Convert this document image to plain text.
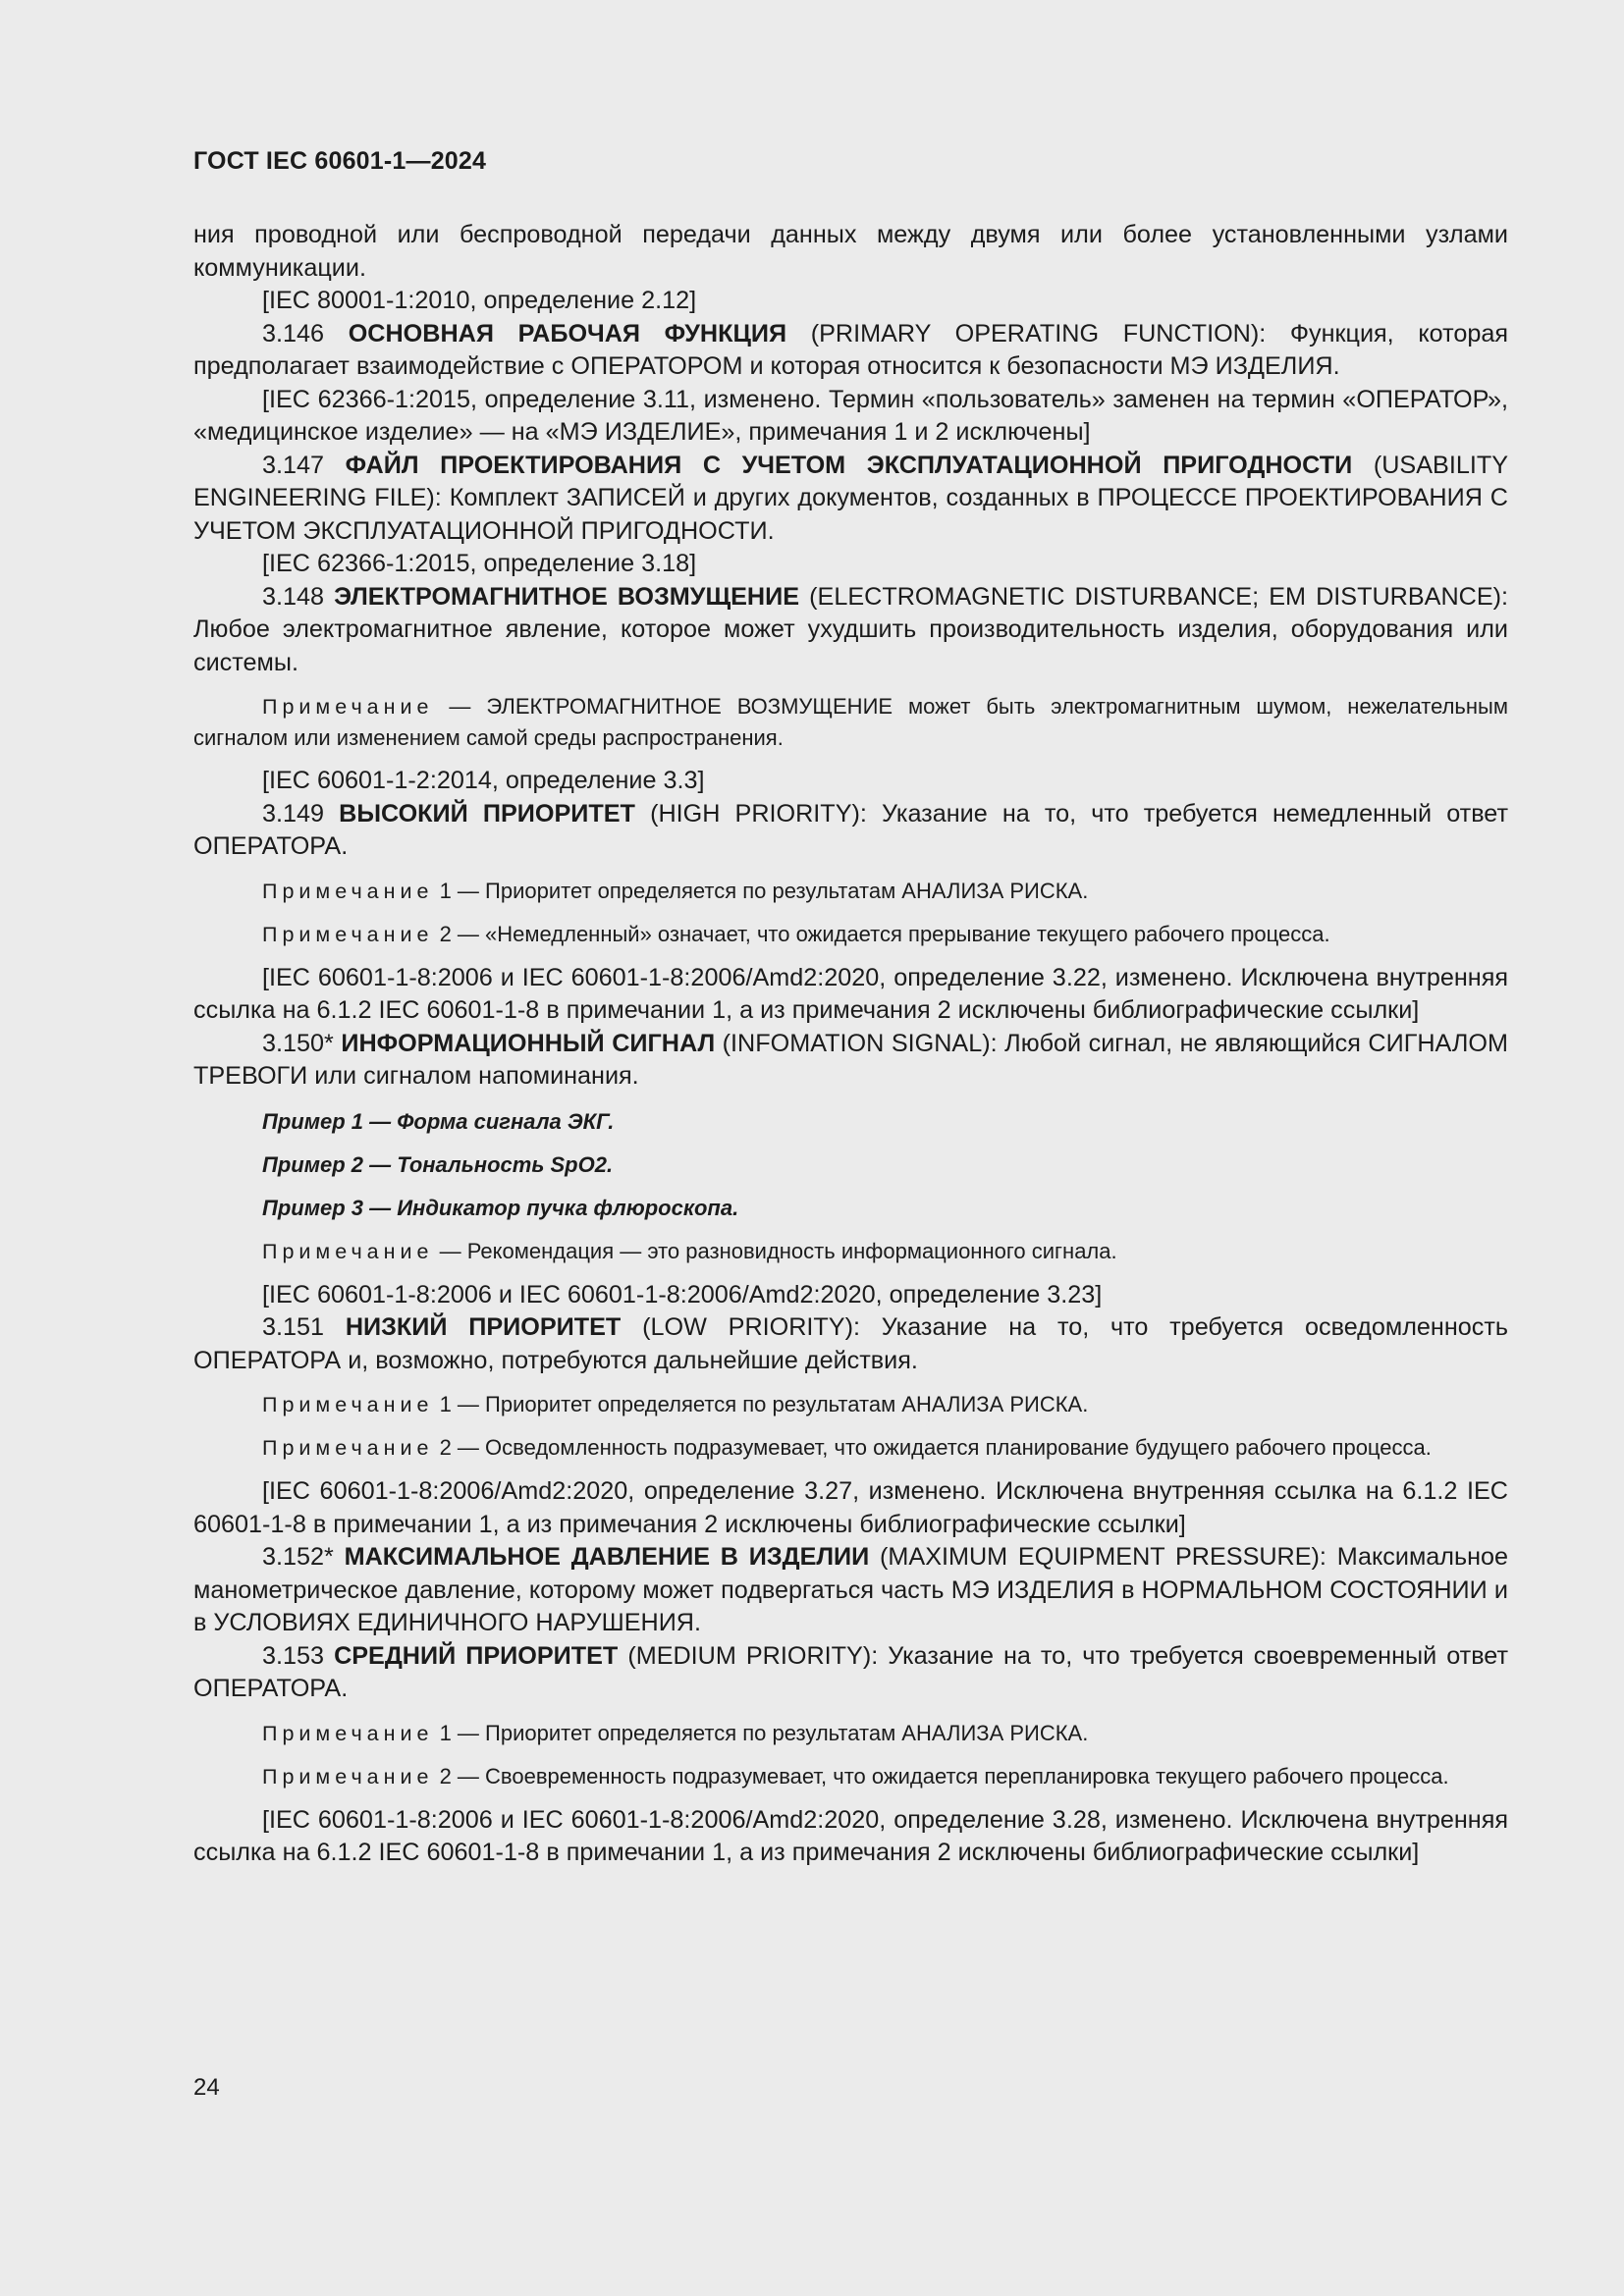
ГОСТ IEC 60601-1—2024

ния проводной или беспроводной передачи данных между двумя или более установленными узлами коммуникации.

[IEC 80001-1:2010, определение 2.12]

3.146 ОСНОВНАЯ РАБОЧАЯ ФУНКЦИЯ (PRIMARY OPERATING FUNCTION): Функция, которая предполагает взаимодействие с ОПЕРАТОРОМ и которая относится к безопасности МЭ ИЗДЕЛИЯ.

[IEC 62366-1:2015, определение 3.11, изменено. Термин «пользователь» заменен на термин «ОПЕРАТОР», «медицинское изделие» — на «МЭ ИЗДЕЛИЕ», примечания 1 и 2 исключены]

3.147 ФАЙЛ ПРОЕКТИРОВАНИЯ С УЧЕТОМ ЭКСПЛУАТАЦИОННОЙ ПРИГОДНОСТИ (USABILITY ENGINEERING FILE): Комплект ЗАПИСЕЙ и других документов, созданных в ПРОЦЕССЕ ПРОЕКТИРОВАНИЯ С УЧЕТОМ ЭКСПЛУАТАЦИОННОЙ ПРИГОДНОСТИ.

[IEC 62366-1:2015, определение 3.18]

3.148 ЭЛЕКТРОМАГНИТНОЕ ВОЗМУЩЕНИЕ (ELECTROMAGNETIC DISTURBANCE; EM DISTURBANCE): Любое электромагнитное явление, которое может ухудшить производительность изделия, оборудования или системы.

Примечание — ЭЛЕКТРОМАГНИТНОЕ ВОЗМУЩЕНИЕ может быть электромагнитным шумом, нежелательным сигналом или изменением самой среды распространения.

[IEC 60601-1-2:2014, определение 3.3]

3.149 ВЫСОКИЙ ПРИОРИТЕТ (HIGH PRIORITY): Указание на то, что требуется немедленный ответ ОПЕРАТОРА.

Примечание 1 — Приоритет определяется по результатам АНАЛИЗА РИСКА.

Примечание 2 — «Немедленный» означает, что ожидается прерывание текущего рабочего процесса.

[IEC 60601-1-8:2006 и IEC 60601-1-8:2006/Amd2:2020, определение 3.22, изменено. Исключена внутренняя ссылка на 6.1.2 IEC 60601-1-8 в примечании 1, а из примечания 2 исключены библиографические ссылки]

3.150* ИНФОРМАЦИОННЫЙ СИГНАЛ (INFOMATION SIGNAL): Любой сигнал, не являющийся СИГНАЛОМ ТРЕВОГИ или сигналом напоминания.

Пример 1 — Форма сигнала ЭКГ.

Пример 2 — Тональность SpO2.

Пример 3 — Индикатор пучка флюроскопа.

Примечание — Рекомендация — это разновидность информационного сигнала.

[IEC 60601-1-8:2006 и IEC 60601-1-8:2006/Amd2:2020, определение 3.23]

3.151 НИЗКИЙ ПРИОРИТЕТ (LOW PRIORITY): Указание на то, что требуется осведомленность ОПЕРАТОРА и, возможно, потребуются дальнейшие действия.

Примечание 1 — Приоритет определяется по результатам АНАЛИЗА РИСКА.

Примечание 2 — Осведомленность подразумевает, что ожидается планирование будущего рабочего процесса.

[IEC 60601-1-8:2006/Amd2:2020, определение 3.27, изменено. Исключена внутренняя ссылка на 6.1.2 IEC 60601-1-8 в примечании 1, а из примечания 2 исключены библиографические ссылки]

3.152* МАКСИМАЛЬНОЕ ДАВЛЕНИЕ В ИЗДЕЛИИ (MAXIMUM EQUIPMENT PRESSURE): Максимальное манометрическое давление, которому может подвергаться часть МЭ ИЗДЕЛИЯ в НОРМАЛЬНОМ СОСТОЯНИИ и в УСЛОВИЯХ ЕДИНИЧНОГО НАРУШЕНИЯ.

3.153 СРЕДНИЙ ПРИОРИТЕТ (MEDIUM PRIORITY): Указание на то, что требуется своевременный ответ ОПЕРАТОРА.

Примечание 1 — Приоритет определяется по результатам АНАЛИЗА РИСКА.

Примечание 2 — Своевременность подразумевает, что ожидается перепланировка текущего рабочего процесса.

[IEC 60601-1-8:2006 и IEC 60601-1-8:2006/Amd2:2020, определение 3.28, изменено. Исключена внутренняя ссылка на 6.1.2 IEC 60601-1-8 в примечании 1, а из примечания 2 исключены библиографические ссылки]

24
